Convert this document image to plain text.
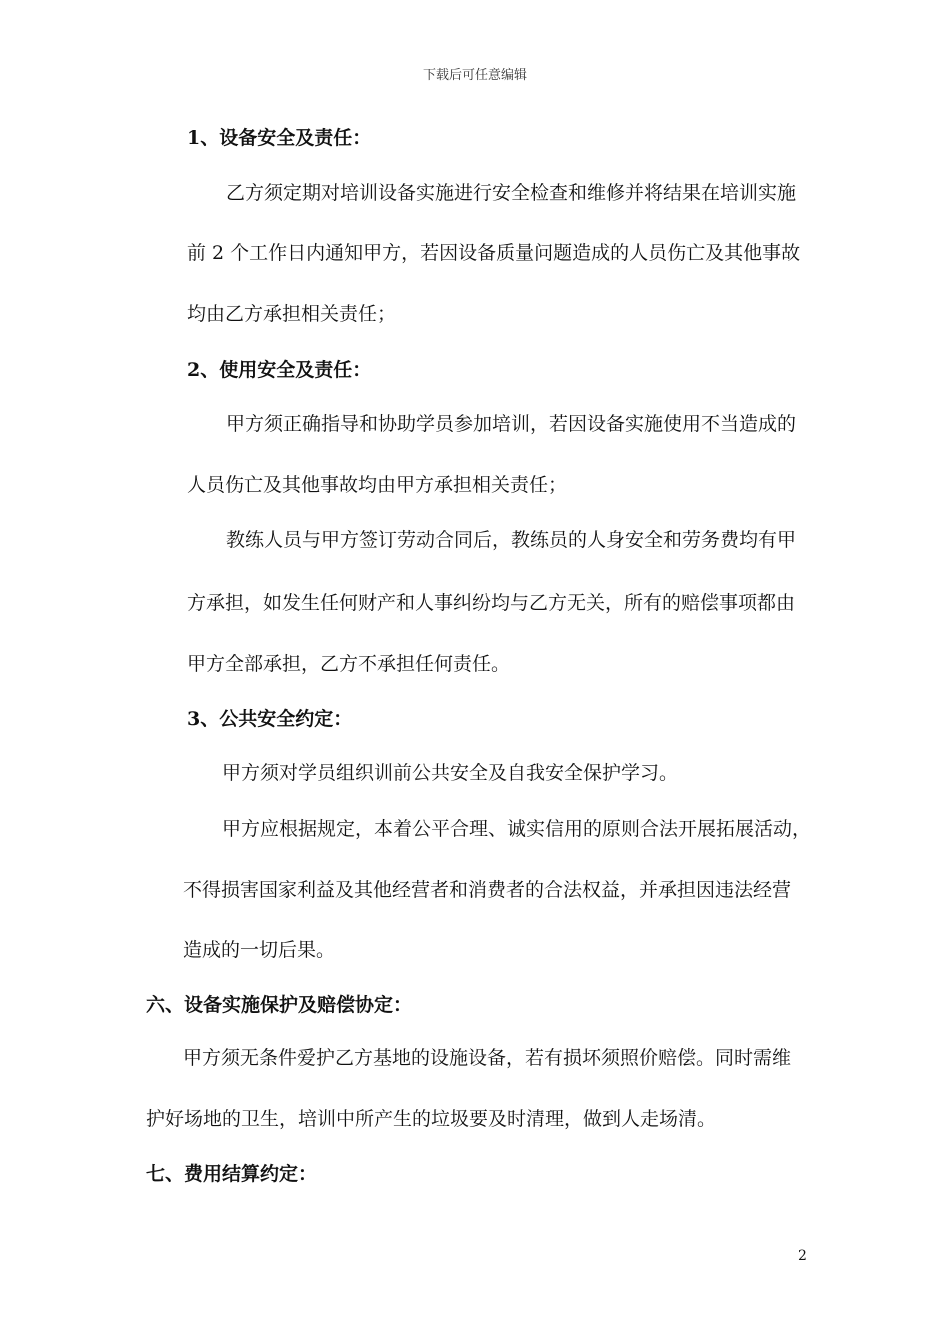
下载后可任意编辑
1、设备安全及责任：
乙方须定期对培训设备实施进行安全检查和维修并将结果在培训实施
前 2 个工作日内通知甲方，若因设备质量问题造成的人员伤亡及其他事故
均由乙方承担相关责任；
2、使用安全及责任：
甲方须正确指导和协助学员参加培训，若因设备实施使用不当造成的
人员伤亡及其他事故均由甲方承担相关责任；
教练人员与甲方签订劳动合同后，教练员的人身安全和劳务费均有甲
方承担，如发生任何财产和人事纠纷均与乙方无关，所有的赔偿事项都由
甲方全部承担，乙方不承担任何责任。
3、公共安全约定：
甲方须对学员组织训前公共安全及自我安全保护学习。
甲方应根据规定，本着公平合理、诚实信用的原则合法开展拓展活动，
不得损害国家利益及其他经营者和消费者的合法权益，并承担因违法经营
造成的一切后果。
六、设备实施保护及赔偿协定：
甲方须无条件爱护乙方基地的设施设备，若有损坏须照价赔偿。同时需维
护好场地的卫生，培训中所产生的垃圾要及时清理，做到人走场清。
七、费用结算约定：
2
